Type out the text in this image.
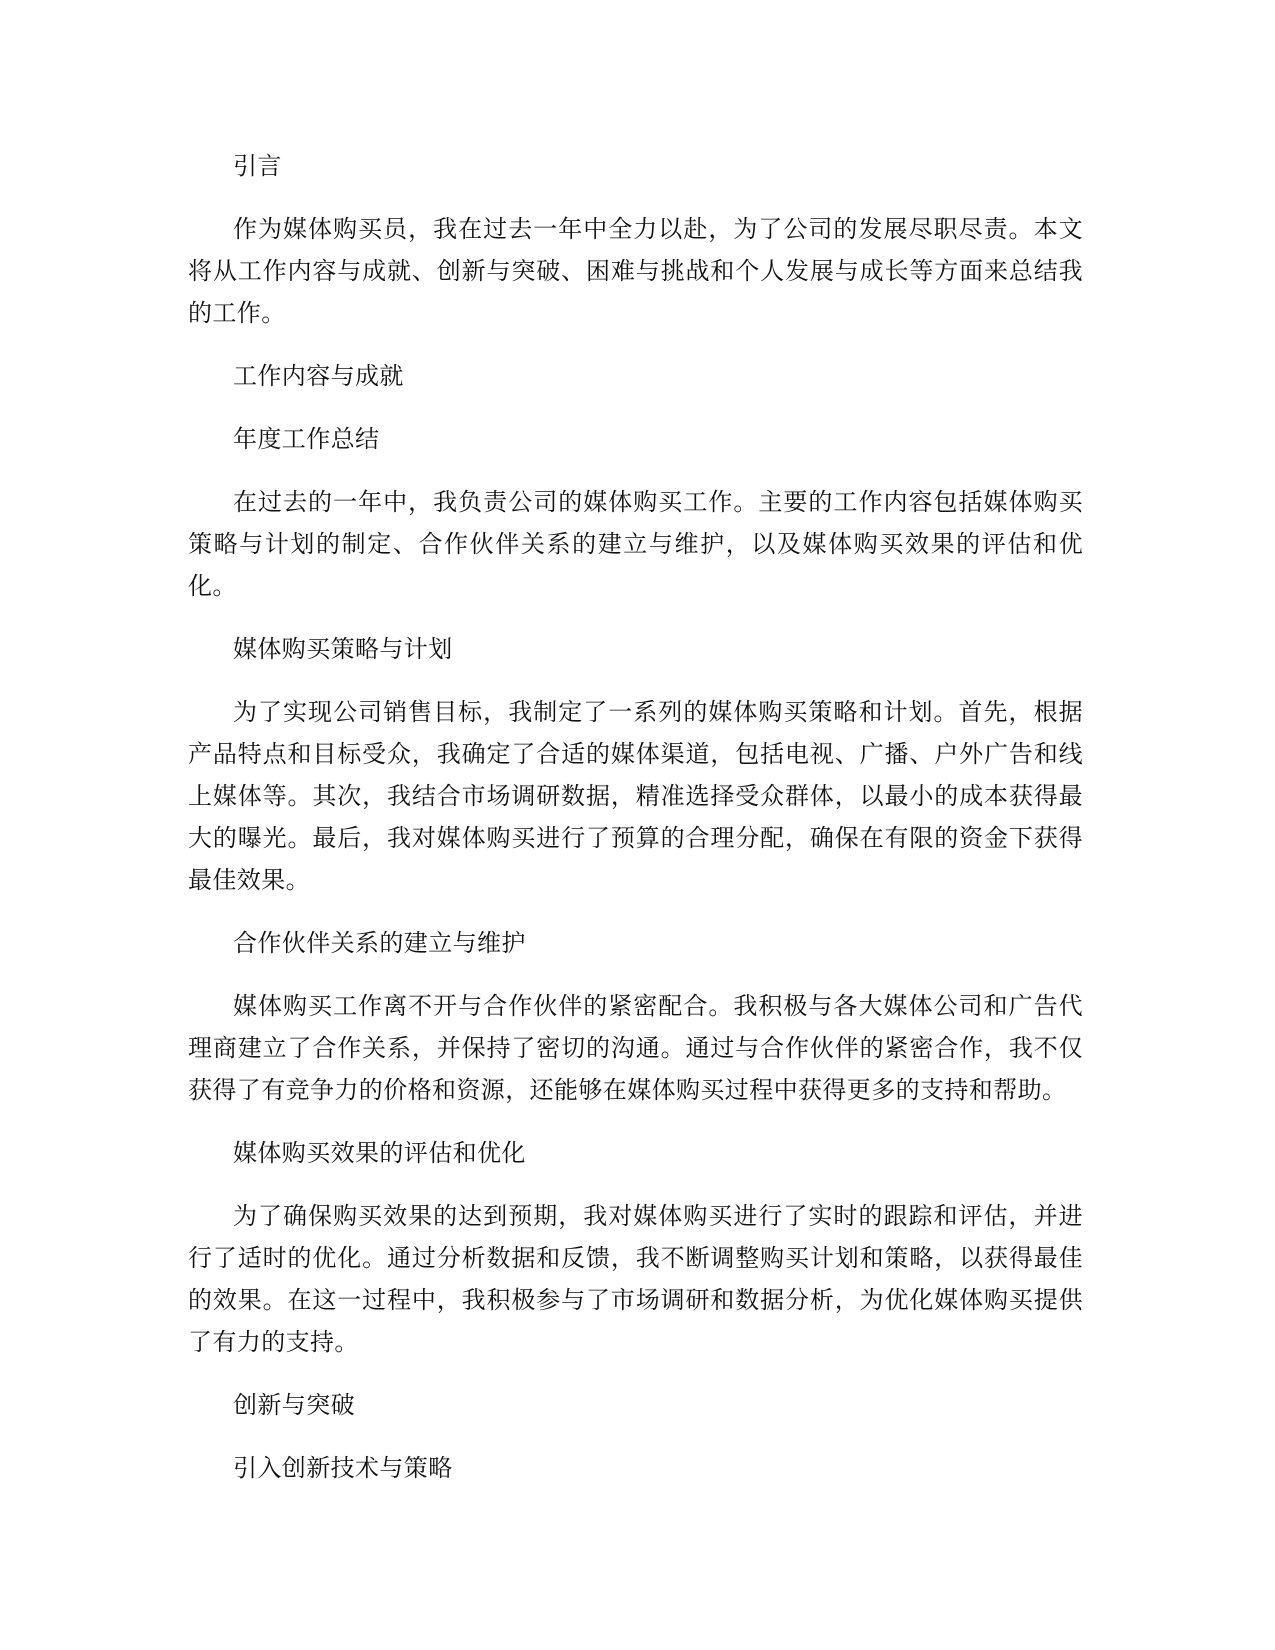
引言
作为媒体购买员，我在过去一年中全力以赴，为了公司的发展尽职尽责。本文将从工作内容与成就、创新与突破、困难与挑战和个人发展与成长等方面来总结我的工作。
工作内容与成就
年度工作总结
在过去的一年中，我负责公司的媒体购买工作。主要的工作内容包括媒体购买策略与计划的制定、合作伙伴关系的建立与维护，以及媒体购买效果的评估和优化。
媒体购买策略与计划
为了实现公司销售目标，我制定了一系列的媒体购买策略和计划。首先，根据产品特点和目标受众，我确定了合适的媒体渠道，包括电视、广播、户外广告和线上媒体等。其次，我结合市场调研数据，精准选择受众群体，以最小的成本获得最大的曝光。最后，我对媒体购买进行了预算的合理分配，确保在有限的资金下获得最佳效果。
合作伙伴关系的建立与维护
媒体购买工作离不开与合作伙伴的紧密配合。我积极与各大媒体公司和广告代理商建立了合作关系，并保持了密切的沟通。通过与合作伙伴的紧密合作，我不仅获得了有竞争力的价格和资源，还能够在媒体购买过程中获得更多的支持和帮助。
媒体购买效果的评估和优化
为了确保购买效果的达到预期，我对媒体购买进行了实时的跟踪和评估，并进行了适时的优化。通过分析数据和反馈，我不断调整购买计划和策略，以获得最佳的效果。在这一过程中，我积极参与了市场调研和数据分析，为优化媒体购买提供了有力的支持。
创新与突破
引入创新技术与策略
